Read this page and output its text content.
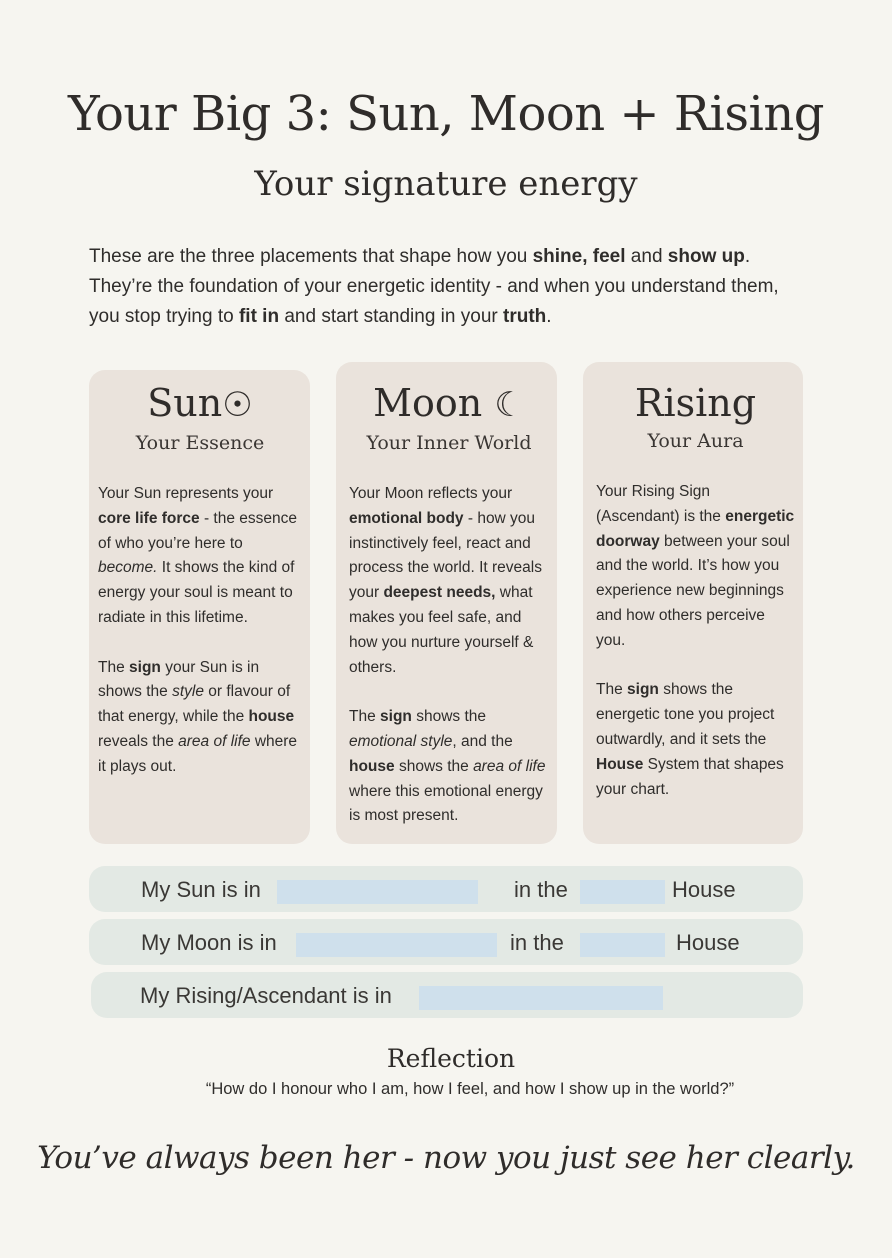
Your Big 3: Sun, Moon + Rising
Your signature energy

These are the three placements that shape how you shine, feel and show up. They’re the foundation of your energetic identity - and when you understand them, you stop trying to fit in and start standing in your truth.

Sun☉
Your Essence

Your Sun represents your core life force - the essence of who you’re here to become. It shows the kind of energy your soul is meant to radiate in this lifetime.

The sign your Sun is in shows the style or flavour of that energy, while the house reveals the area of life where it plays out.

Moon ☾
Your Inner World

Your Moon reflects your emotional body - how you instinctively feel, react and process the world. It reveals your deepest needs, what makes you feel safe, and how you nurture yourself & others.

The sign shows the emotional style, and the house shows the area of life where this emotional energy is most present.

Rising
Your Aura

Your Rising Sign (Ascendant) is the energetic doorway between your soul and the world. It’s how you experience new beginnings and how others perceive you.

The sign shows the energetic tone you project outwardly, and it sets the House System that shapes your chart.

My Sun is in	in the	House
My Moon is in	in the	House
My Rising/Ascendant is in
Reflection

“How do I honour who I am, how I feel, and how I show up in the world?”

You’ve always been her - now you just see her clearly.
